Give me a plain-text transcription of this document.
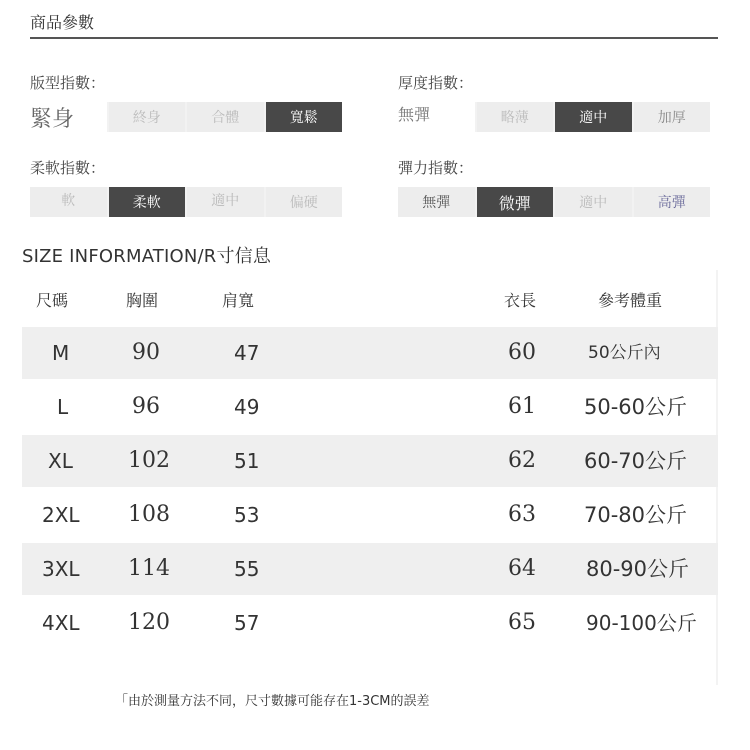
商品參數
版型指數：
緊身	終身	合體	寬鬆
厚度指數：
無彈	略薄	適中	加厚
柔軟指數：
軟	柔軟	適中	偏硬
彈力指數：
無彈	微彈	適中	高彈
SIZE INFORMATION/R寸信息
尺碼	胸圍	肩寬	衣長	參考體重
M	90	47	60	50公斤內
L	96	49	61 50-60公斤
XL	102	51	62 60-70公斤
2XL 108	53	63 70-80公斤
3XL 114	55	64 80-90公斤
4XL 120	57	65	90-100公斤
「由於測量方法不同，尺寸數據可能存在1-3CM的誤差
